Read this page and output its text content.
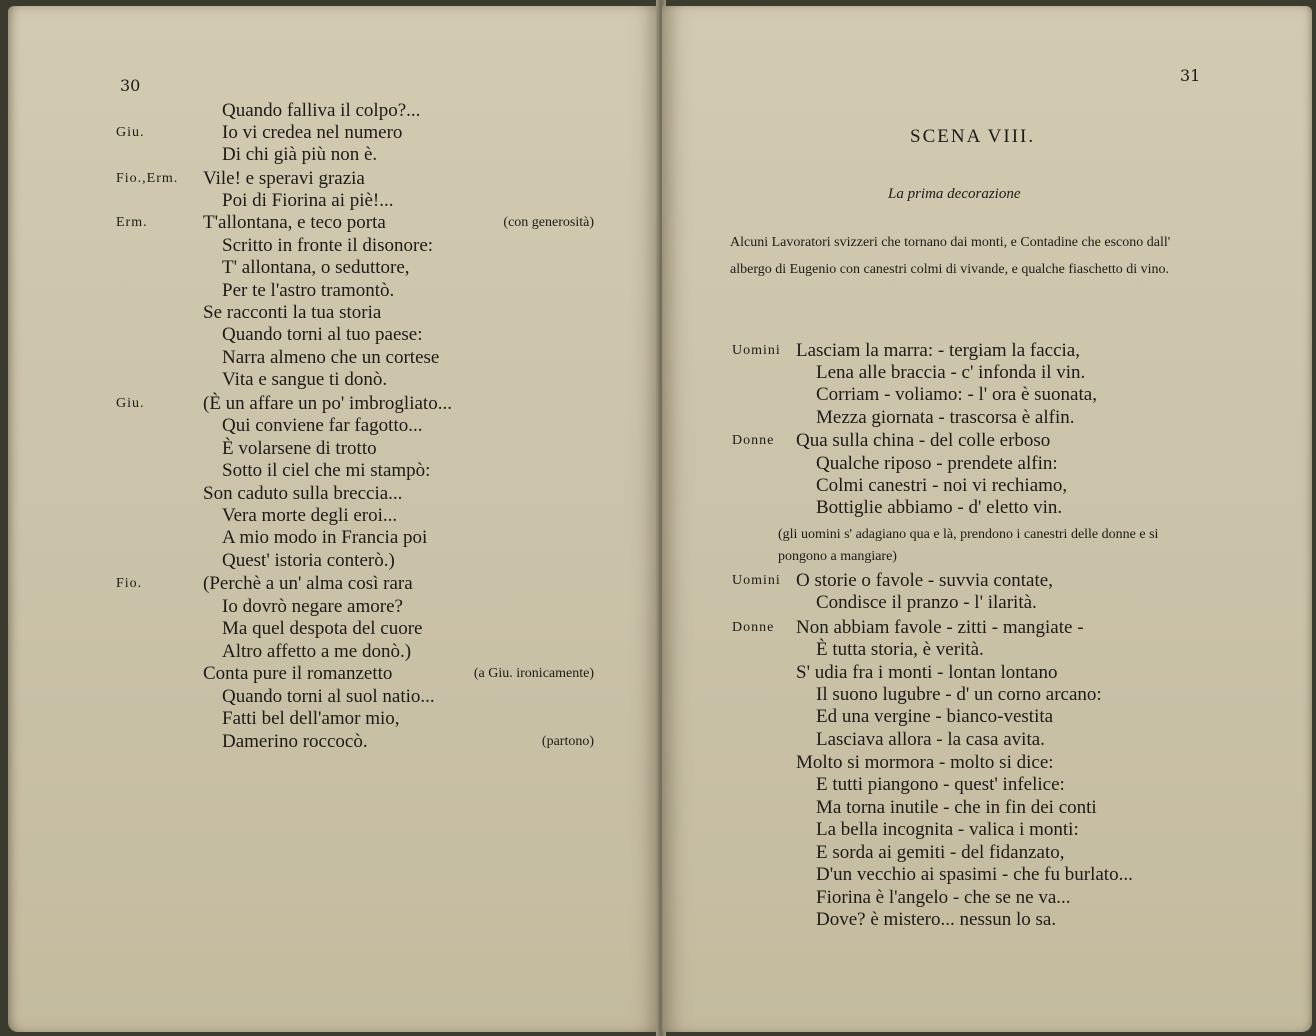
30
31
Quando falliva il colpo?...
Giu.	Io vi credea nel numero
Di chi già più non è.
Fio.,Erm. Vile! e speravi grazia
Poi di Fiorina ai piè!...
Erm.	T'allontana, e teco porta	(con generosità)
Scritto in fronte il disonore:
T' allontana, o seduttore,
Per te l'astro tramontò.
Se racconti la tua storia
Quando torni al tuo paese:
Narra almeno che un cortese
Vita e sangue ti donò.
Giu.	(È un affare un po' imbrogliato...
Qui conviene far fagotto...
È volarsene di trotto
Sotto il ciel che mi stampò:
Son caduto sulla breccia...
Vera morte degli eroi...
A mio modo in Francia poi
Quest' istoria conterò.)
Fio.	(Perchè a un' alma così rara
Io dovrò negare amore?
Ma quel despota del cuore
Altro affetto a me donò.)
Conta pure il romanzetto	(a Giu. ironicamente)
Quando torni al suol natio...
Fatti bel dell'amor mio,
Damerino roccocò.	(partono)
SCENA VIII.
La prima decorazione
Alcuni Lavoratori svizzeri che tornano dai monti, e Contadine che escono dall' albergo di Eugenio con canestri colmi di vivande, e qualche fiaschetto di vino.
Uomini Lasciam la marra: - tergiam la faccia,
Lena alle braccia - c' infonda il vin.
Corriam - voliamo: - l' ora è suonata,
Mezza giornata - trascorsa è alfin.
Donne Qua sulla china - del colle erboso
Qualche riposo - prendete alfin:
Colmi canestri - noi vi rechiamo,
Bottiglie abbiamo - d' eletto vin.
Uomini O storie o favole - suvvia contate,
Condisce il pranzo - l' ilarità.
Donne Non abbiam favole - zitti - mangiate -
È tutta storia, è verità.
S' udia fra i monti - lontan lontano
Il suono lugubre - d' un corno arcano:
Ed una vergine - bianco-vestita
Lasciava allora - la casa avita.
Molto si mormora - molto si dice:
E tutti piangono - quest' infelice:
Ma torna inutile - che in fin dei conti
La bella incognita - valica i monti:
E sorda ai gemiti - del fidanzato,
D'un vecchio ai spasimi - che fu burlato...
Fiorina è l'angelo - che se ne va...
Dove? è mistero... nessun lo sa.
(gli uomini s' adagiano qua e là, prendono i canestri delle donne e si pongono a mangiare)
